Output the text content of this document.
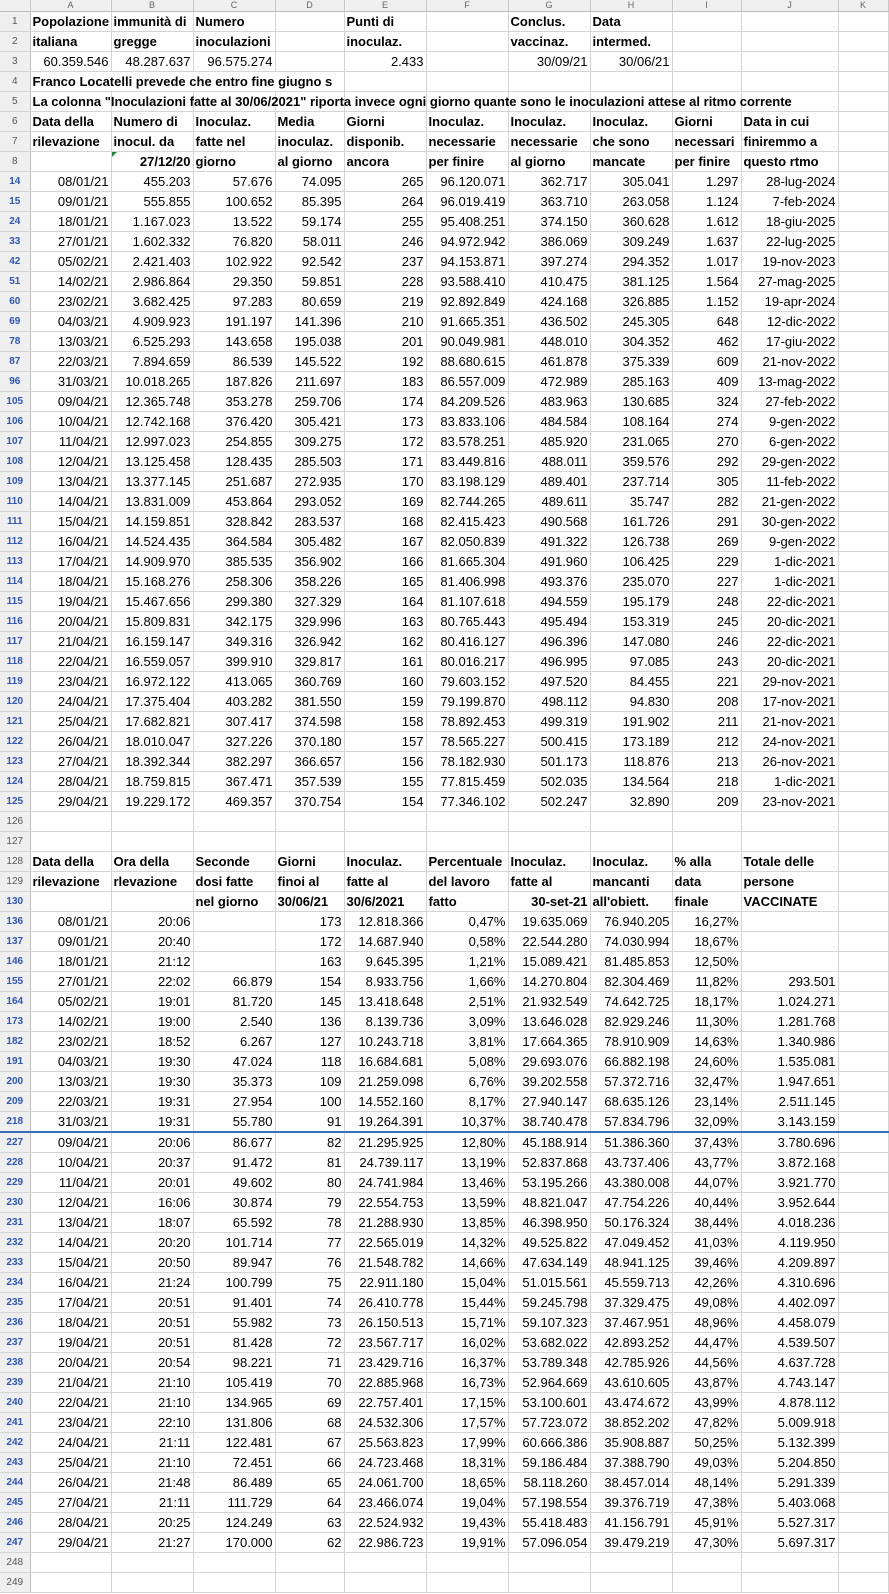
	A	B	C	D	E	F	G	H	I	J	K
1	Popolazione	immunità di	Numero		Punti di		Conclus.	Data			
2	italiana	gregge	inoculazioni		inoculaz.		vaccinaz.	intermed.			
3	60.359.546	48.287.637	96.575.274		2.433		30/09/21	30/06/21			
4	Franco Locatelli prevede che entro fine giugno s										
5	La colonna "Inoculazioni fatte al 30/06/2021" riporta invece ogni giorno quante sono le inoculazioni attese al ritmo corrente										
6	Data della	Numero di	Inoculaz.	Media	Giorni	Inoculaz.	Inoculaz.	Inoculaz.	Giorni	Data in cui	
7	rilevazione	inocul. da	fatte nel	inoculaz.	disponib.	necessarie	necessarie	che sono	necessari	finiremmo a	
8		27/12/20	giorno	al giorno	ancora	per finire	al giorno	mancate	per finire	questo rtmo	
14	08/01/21	455.203	57.676	74.095	265	96.120.071	362.717	305.041	1.297	28-lug-2024	
15	09/01/21	555.855	100.652	85.395	264	96.019.419	363.710	263.058	1.124	7-feb-2024	
24	18/01/21	1.167.023	13.522	59.174	255	95.408.251	374.150	360.628	1.612	18-giu-2025	
33	27/01/21	1.602.332	76.820	58.011	246	94.972.942	386.069	309.249	1.637	22-lug-2025	
42	05/02/21	2.421.403	102.922	92.542	237	94.153.871	397.274	294.352	1.017	19-nov-2023	
51	14/02/21	2.986.864	29.350	59.851	228	93.588.410	410.475	381.125	1.564	27-mag-2025	
60	23/02/21	3.682.425	97.283	80.659	219	92.892.849	424.168	326.885	1.152	19-apr-2024	
69	04/03/21	4.909.923	191.197	141.396	210	91.665.351	436.502	245.305	648	12-dic-2022	
78	13/03/21	6.525.293	143.658	195.038	201	90.049.981	448.010	304.352	462	17-giu-2022	
87	22/03/21	7.894.659	86.539	145.522	192	88.680.615	461.878	375.339	609	21-nov-2022	
96	31/03/21	10.018.265	187.826	211.697	183	86.557.009	472.989	285.163	409	13-mag-2022	
105	09/04/21	12.365.748	353.278	259.706	174	84.209.526	483.963	130.685	324	27-feb-2022	
106	10/04/21	12.742.168	376.420	305.421	173	83.833.106	484.584	108.164	274	9-gen-2022	
107	11/04/21	12.997.023	254.855	309.275	172	83.578.251	485.920	231.065	270	6-gen-2022	
108	12/04/21	13.125.458	128.435	285.503	171	83.449.816	488.011	359.576	292	29-gen-2022	
109	13/04/21	13.377.145	251.687	272.935	170	83.198.129	489.401	237.714	305	11-feb-2022	
110	14/04/21	13.831.009	453.864	293.052	169	82.744.265	489.611	35.747	282	21-gen-2022	
111	15/04/21	14.159.851	328.842	283.537	168	82.415.423	490.568	161.726	291	30-gen-2022	
112	16/04/21	14.524.435	364.584	305.482	167	82.050.839	491.322	126.738	269	9-gen-2022	
113	17/04/21	14.909.970	385.535	356.902	166	81.665.304	491.960	106.425	229	1-dic-2021	
114	18/04/21	15.168.276	258.306	358.226	165	81.406.998	493.376	235.070	227	1-dic-2021	
115	19/04/21	15.467.656	299.380	327.329	164	81.107.618	494.559	195.179	248	22-dic-2021	
116	20/04/21	15.809.831	342.175	329.996	163	80.765.443	495.494	153.319	245	20-dic-2021	
117	21/04/21	16.159.147	349.316	326.942	162	80.416.127	496.396	147.080	246	22-dic-2021	
118	22/04/21	16.559.057	399.910	329.817	161	80.016.217	496.995	97.085	243	20-dic-2021	
119	23/04/21	16.972.122	413.065	360.769	160	79.603.152	497.520	84.455	221	29-nov-2021	
120	24/04/21	17.375.404	403.282	381.550	159	79.199.870	498.112	94.830	208	17-nov-2021	
121	25/04/21	17.682.821	307.417	374.598	158	78.892.453	499.319	191.902	211	21-nov-2021	
122	26/04/21	18.010.047	327.226	370.180	157	78.565.227	500.415	173.189	212	24-nov-2021	
123	27/04/21	18.392.344	382.297	366.657	156	78.182.930	501.173	118.876	213	26-nov-2021	
124	28/04/21	18.759.815	367.471	357.539	155	77.815.459	502.035	134.564	218	1-dic-2021	
125	29/04/21	19.229.172	469.357	370.754	154	77.346.102	502.247	32.890	209	23-nov-2021	
126											
127											
128	Data della	Ora della	Seconde	Giorni	Inoculaz.	Percentuale	Inoculaz.	Inoculaz.	% alla	Totale delle	
129	rilevazione	rlevazione	dosi fatte	finoi al	fatte al	del lavoro	fatte al	mancanti	data	persone	
130			nel giorno	30/06/21	30/6/2021	fatto	30-set-21	all'obiett.	finale	VACCINATE	
136	08/01/21	20:06		173	12.818.366	0,47%	19.635.069	76.940.205	16,27%		
137	09/01/21	20:40		172	14.687.940	0,58%	22.544.280	74.030.994	18,67%		
146	18/01/21	21:12		163	9.645.395	1,21%	15.089.421	81.485.853	12,50%		
155	27/01/21	22:02	66.879	154	8.933.756	1,66%	14.270.804	82.304.469	11,82%	293.501	
164	05/02/21	19:01	81.720	145	13.418.648	2,51%	21.932.549	74.642.725	18,17%	1.024.271	
173	14/02/21	19:00	2.540	136	8.139.736	3,09%	13.646.028	82.929.246	11,30%	1.281.768	
182	23/02/21	18:52	6.267	127	10.243.718	3,81%	17.664.365	78.910.909	14,63%	1.340.986	
191	04/03/21	19:30	47.024	118	16.684.681	5,08%	29.693.076	66.882.198	24,60%	1.535.081	
200	13/03/21	19:30	35.373	109	21.259.098	6,76%	39.202.558	57.372.716	32,47%	1.947.651	
209	22/03/21	19:31	27.954	100	14.552.160	8,17%	27.940.147	68.635.126	23,14%	2.511.145	
218	31/03/21	19:31	55.780	91	19.264.391	10,37%	38.740.478	57.834.796	32,09%	3.143.159	
227	09/04/21	20:06	86.677	82	21.295.925	12,80%	45.188.914	51.386.360	37,43%	3.780.696	
228	10/04/21	20:37	91.472	81	24.739.117	13,19%	52.837.868	43.737.406	43,77%	3.872.168	
229	11/04/21	20:01	49.602	80	24.741.984	13,46%	53.195.266	43.380.008	44,07%	3.921.770	
230	12/04/21	16:06	30.874	79	22.554.753	13,59%	48.821.047	47.754.226	40,44%	3.952.644	
231	13/04/21	18:07	65.592	78	21.288.930	13,85%	46.398.950	50.176.324	38,44%	4.018.236	
232	14/04/21	20:20	101.714	77	22.565.019	14,32%	49.525.822	47.049.452	41,03%	4.119.950	
233	15/04/21	20:50	89.947	76	21.548.782	14,66%	47.634.149	48.941.125	39,46%	4.209.897	
234	16/04/21	21:24	100.799	75	22.911.180	15,04%	51.015.561	45.559.713	42,26%	4.310.696	
235	17/04/21	20:51	91.401	74	26.410.778	15,44%	59.245.798	37.329.475	49,08%	4.402.097	
236	18/04/21	20:51	55.982	73	26.150.513	15,71%	59.107.323	37.467.951	48,96%	4.458.079	
237	19/04/21	20:51	81.428	72	23.567.717	16,02%	53.682.022	42.893.252	44,47%	4.539.507	
238	20/04/21	20:54	98.221	71	23.429.716	16,37%	53.789.348	42.785.926	44,56%	4.637.728	
239	21/04/21	21:10	105.419	70	22.885.968	16,73%	52.964.669	43.610.605	43,87%	4.743.147	
240	22/04/21	21:10	134.965	69	22.757.401	17,15%	53.100.601	43.474.672	43,99%	4.878.112	
241	23/04/21	22:10	131.806	68	24.532.306	17,57%	57.723.072	38.852.202	47,82%	5.009.918	
242	24/04/21	21:11	122.481	67	25.563.823	17,99%	60.666.386	35.908.887	50,25%	5.132.399	
243	25/04/21	21:10	72.451	66	24.723.468	18,31%	59.186.484	37.388.790	49,03%	5.204.850	
244	26/04/21	21:48	86.489	65	24.061.700	18,65%	58.118.260	38.457.014	48,14%	5.291.339	
245	27/04/21	21:11	111.729	64	23.466.074	19,04%	57.198.554	39.376.719	47,38%	5.403.068	
246	28/04/21	20:25	124.249	63	22.524.932	19,43%	55.418.483	41.156.791	45,91%	5.527.317	
247	29/04/21	21:27	170.000	62	22.986.723	19,91%	57.096.054	39.479.219	47,30%	5.697.317	
248											
249											
